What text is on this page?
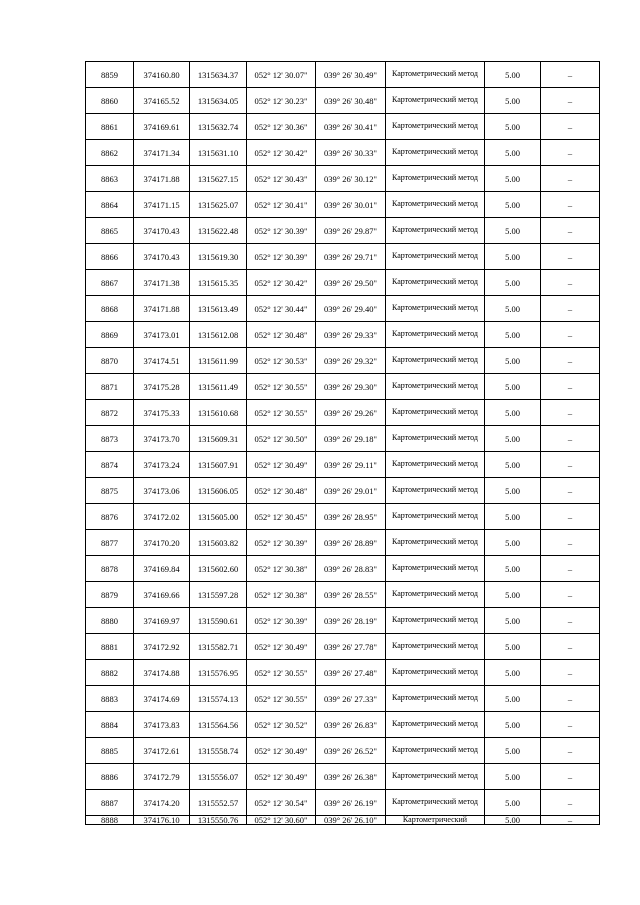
8859	374160.80	1315634.37	052° 12' 30.07"	039° 26' 30.49"	Картометрический метод	5.00	–
8860	374165.52	1315634.05	052° 12' 30.23"	039° 26' 30.48"	Картометрический метод	5.00	–
8861	374169.61	1315632.74	052° 12' 30.36"	039° 26' 30.41"	Картометрический метод	5.00	–
8862	374171.34	1315631.10	052° 12' 30.42"	039° 26' 30.33"	Картометрический метод	5.00	–
8863	374171.88	1315627.15	052° 12' 30.43"	039° 26' 30.12"	Картометрический метод	5.00	–
8864	374171.15	1315625.07	052° 12' 30.41"	039° 26' 30.01"	Картометрический метод	5.00	–
8865	374170.43	1315622.48	052° 12' 30.39"	039° 26' 29.87"	Картометрический метод	5.00	–
8866	374170.43	1315619.30	052° 12' 30.39"	039° 26' 29.71"	Картометрический метод	5.00	–
8867	374171.38	1315615.35	052° 12' 30.42"	039° 26' 29.50"	Картометрический метод	5.00	–
8868	374171.88	1315613.49	052° 12' 30.44"	039° 26' 29.40"	Картометрический метод	5.00	–
8869	374173.01	1315612.08	052° 12' 30.48"	039° 26' 29.33"	Картометрический метод	5.00	–
8870	374174.51	1315611.99	052° 12' 30.53"	039° 26' 29.32"	Картометрический метод	5.00	–
8871	374175.28	1315611.49	052° 12' 30.55"	039° 26' 29.30"	Картометрический метод	5.00	–
8872	374175.33	1315610.68	052° 12' 30.55"	039° 26' 29.26"	Картометрический метод	5.00	–
8873	374173.70	1315609.31	052° 12' 30.50"	039° 26' 29.18"	Картометрический метод	5.00	–
8874	374173.24	1315607.91	052° 12' 30.49"	039° 26' 29.11"	Картометрический метод	5.00	–
8875	374173.06	1315606.05	052° 12' 30.48"	039° 26' 29.01"	Картометрический метод	5.00	–
8876	374172.02	1315605.00	052° 12' 30.45"	039° 26' 28.95"	Картометрический метод	5.00	–
8877	374170.20	1315603.82	052° 12' 30.39"	039° 26' 28.89"	Картометрический метод	5.00	–
8878	374169.84	1315602.60	052° 12' 30.38"	039° 26' 28.83"	Картометрический метод	5.00	–
8879	374169.66	1315597.28	052° 12' 30.38"	039° 26' 28.55"	Картометрический метод	5.00	–
8880	374169.97	1315590.61	052° 12' 30.39"	039° 26' 28.19"	Картометрический метод	5.00	–
8881	374172.92	1315582.71	052° 12' 30.49"	039° 26' 27.78"	Картометрический метод	5.00	–
8882	374174.88	1315576.95	052° 12' 30.55"	039° 26' 27.48"	Картометрический метод	5.00	–
8883	374174.69	1315574.13	052° 12' 30.55"	039° 26' 27.33"	Картометрический метод	5.00	–
8884	374173.83	1315564.56	052° 12' 30.52"	039° 26' 26.83"	Картометрический метод	5.00	–
8885	374172.61	1315558.74	052° 12' 30.49"	039° 26' 26.52"	Картометрический метод	5.00	–
8886	374172.79	1315556.07	052° 12' 30.49"	039° 26' 26.38"	Картометрический метод	5.00	–
8887	374174.20	1315552.57	052° 12' 30.54"	039° 26' 26.19"	Картометрический метод	5.00	–
8888	374176.10	1315550.76	052° 12' 30.60"	039° 26' 26.10"	Картометрический	5.00	–
